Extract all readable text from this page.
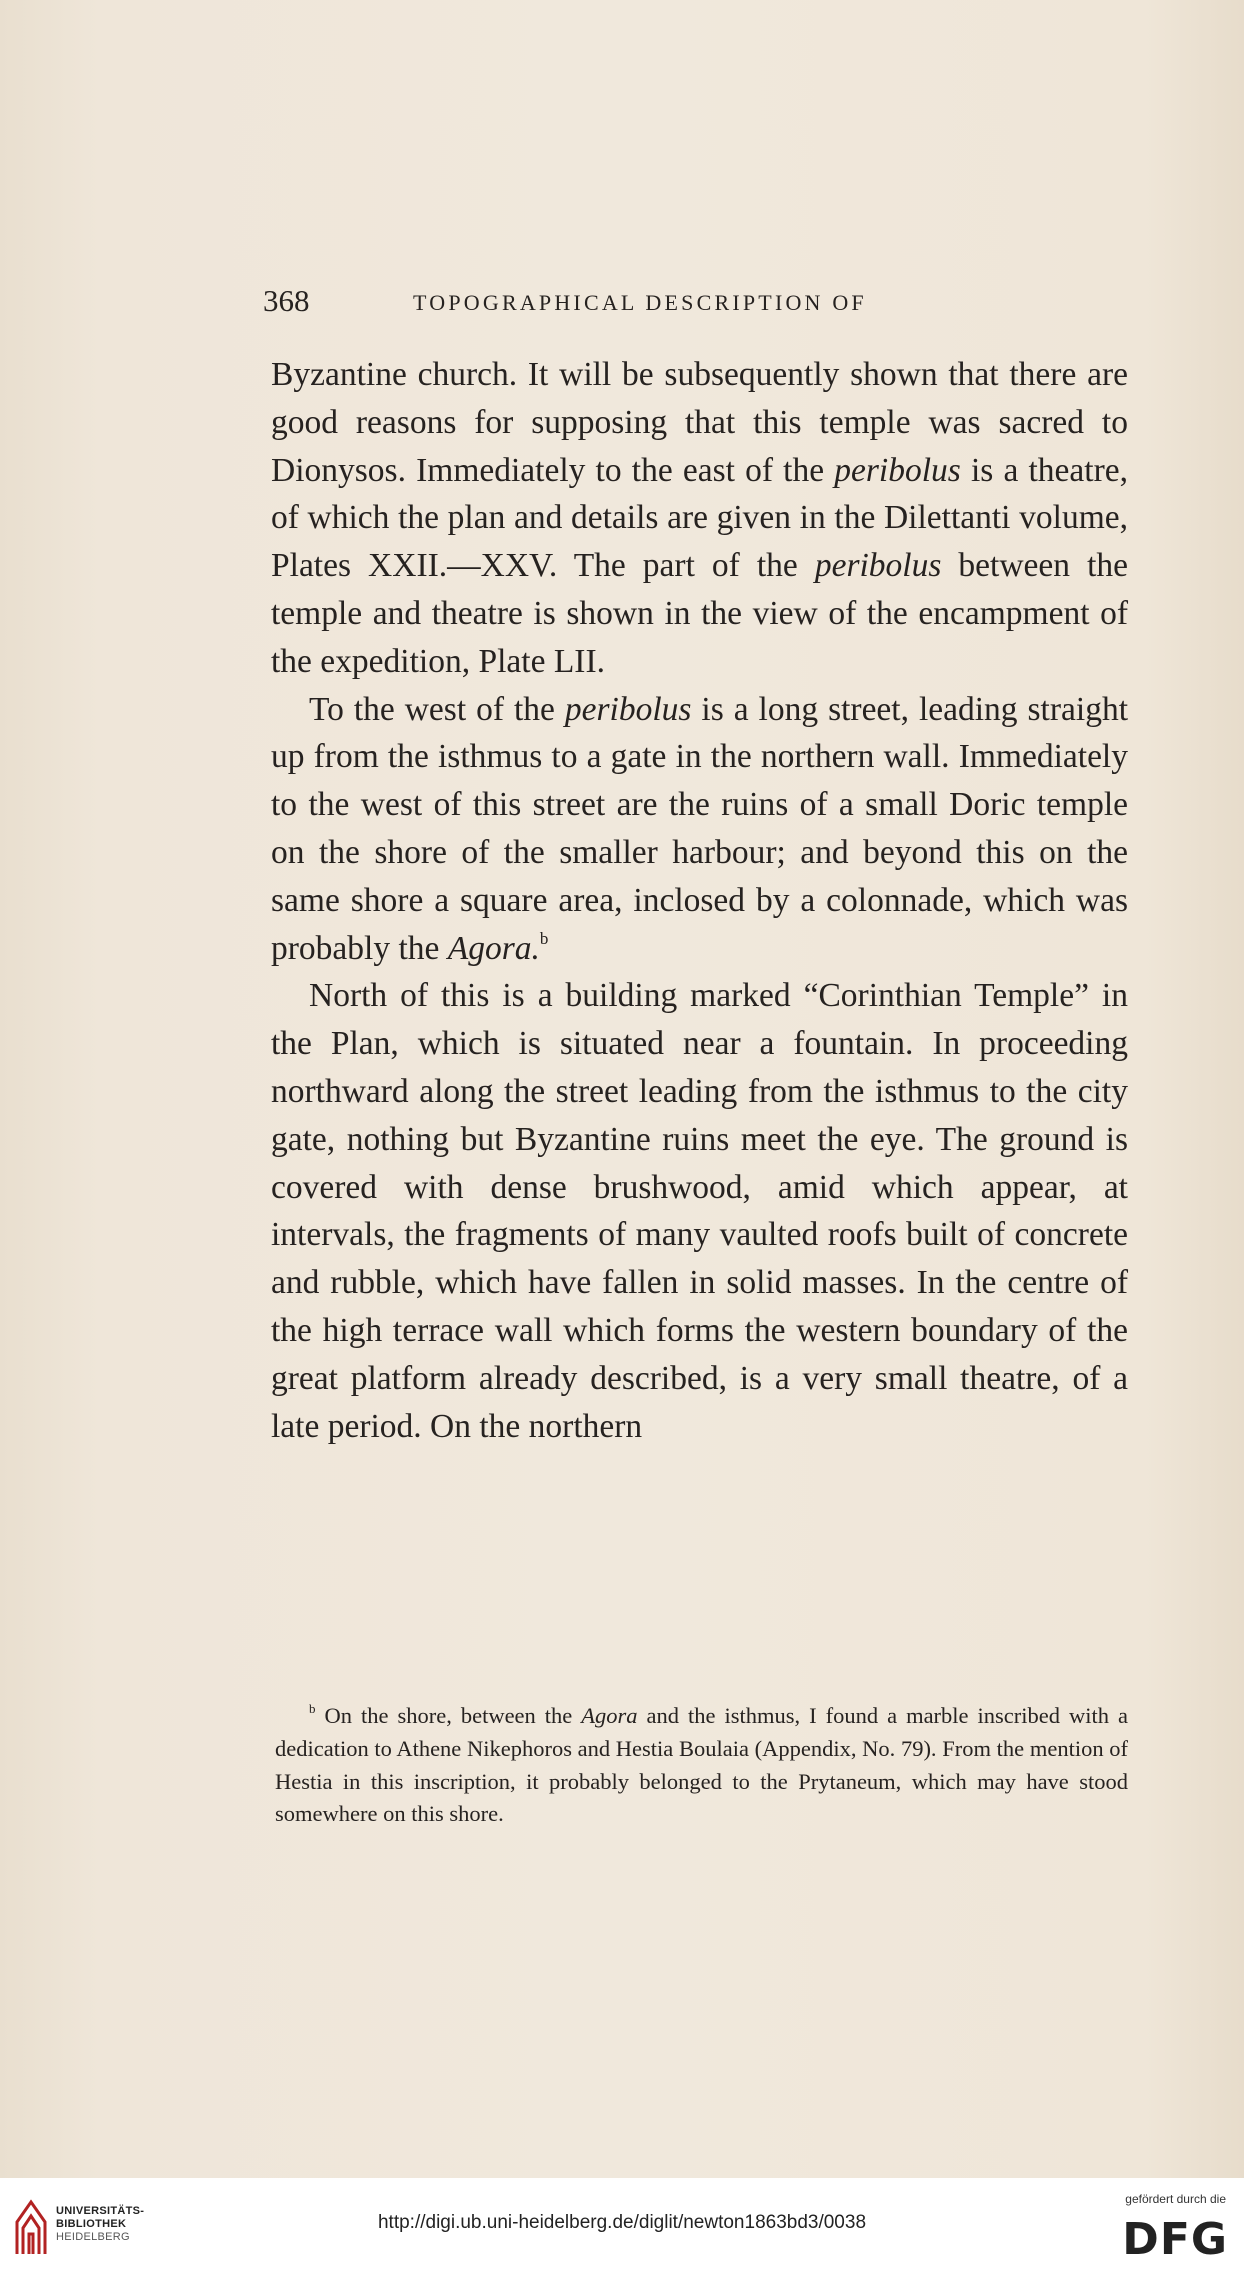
368	TOPOGRAPHICAL DESCRIPTION OF

Byzantine church. It will be subsequently shown that there are good reasons for supposing that this temple was sacred to Dionysos. Immediately to the east of the peribolus is a theatre, of which the plan and details are given in the Dilettanti volume, Plates XXII.—XXV. The part of the peribolus between the temple and theatre is shown in the view of the encampment of the expedition, Plate LII.

To the west of the peribolus is a long street, leading straight up from the isthmus to a gate in the northern wall. Immediately to the west of this street are the ruins of a small Doric temple on the shore of the smaller harbour; and beyond this on the same shore a square area, inclosed by a colonnade, which was probably the Agora.$^b$

North of this is a building marked “Corinthian Temple” in the Plan, which is situated near a fountain. In proceeding northward along the street leading from the isthmus to the city gate, nothing but Byzantine ruins meet the eye. The ground is covered with dense brushwood, amid which appear, at intervals, the fragments of many vaulted roofs built of concrete and rubble, which have fallen in solid masses. In the centre of the high terrace wall which forms the western boundary of the great platform already described, is a very small theatre, of a late period. On the northern

$^b$ On the shore, between the Agora and the isthmus, I found a marble inscribed with a dedication to Athene Nikephoros and Hestia Boulaia (Appendix, No. 79). From the mention of Hestia in this inscription, it probably belonged to the Prytaneum, which may have stood somewhere on this shore.

UNIVERSITÄTS-
BIBLIOTHEK
HEIDELBERG
http://digi.ub.uni-heidelberg.de/diglit/newton1863bd3/0038
gefördert durch die
DFG
